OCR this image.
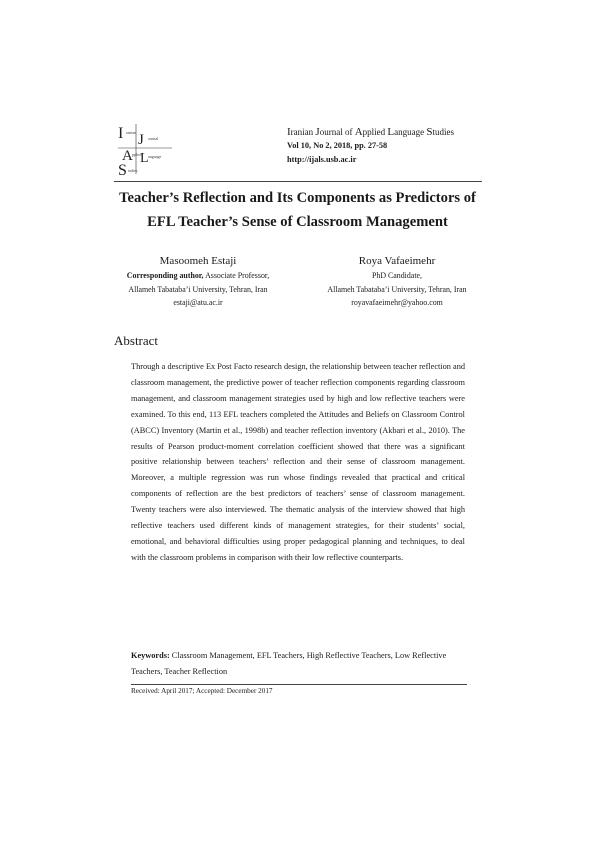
I J
A L
S
ranian
ournal
pplied anguage
tudies
Iranian Journal of Applied Language Studies
Vol 10, No 2, 2018, pp. 27-58
http://ijals.usb.ac.ir
Teacher’s Reflection and Its Components as Predictors of
EFL Teacher’s Sense of Classroom Management
Masoomeh Estaji
Corresponding author, Associate Professor,
Allameh Tabataba’i University, Tehran, Iran
estaji@atu.ac.ir
Roya Vafaeimehr
PhD Candidate,
Allameh Tabataba’i University, Tehran, Iran
royavafaeimehr@yahoo.com
Abstract
Through a descriptive Ex Post Facto research design, the relationship between teacher reflection and classroom management, the predictive power of teacher reflection components regarding classroom management, and classroom management strategies used by high and low reflective teachers were examined. To this end, 113 EFL teachers completed the Attitudes and Beliefs on Classroom Control (ABCC) Inventory (Martin et al., 1998b) and teacher reflection inventory (Akbari et al., 2010). The results of Pearson product-moment correlation coefficient showed that there was a significant positive relationship between teachers’ reflection and their sense of classroom management. Moreover, a multiple regression was run whose findings revealed that practical and critical components of reflection are the best predictors of teachers’ sense of classroom management. Twenty teachers were also interviewed. The thematic analysis of the interview showed that high reflective teachers used different kinds of management strategies, for their students’ social, emotional, and behavioral difficulties using proper pedagogical planning and techniques, to deal with the classroom problems in comparison with their low reflective counterparts.
Keywords: Classroom Management, EFL Teachers, High Reflective Teachers, Low Reflective Teachers, Teacher Reflection
Received: April 2017; Accepted: December 2017
